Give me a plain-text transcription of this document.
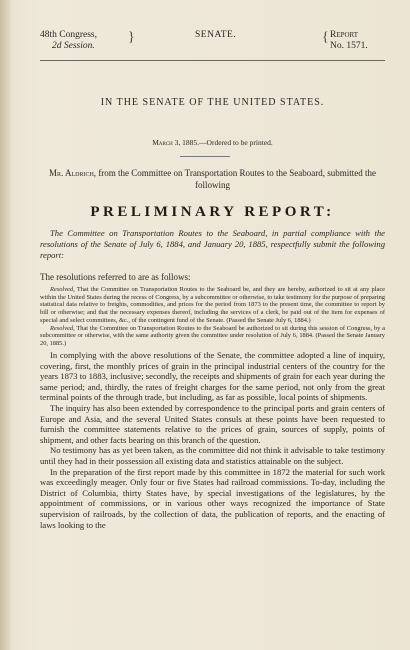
48th Congress,
2d Session.
}	SENATE.	{ Report
No. 1571.
IN THE SENATE OF THE UNITED STATES.
March 3, 1885.—Ordered to be printed.
Mr. Aldrich, from the Committee on Transportation Routes to the Seaboard, submitted the following
PRELIMINARY REPORT:
The Committee on Transportation Routes to the Seaboard, in partial compliance with the resolutions of the Senate of July 6, 1884, and January 20, 1885, respectfully submit the following report:
The resolutions referred to are as follows:

Resolved, That the Committee on Transportation Routes to the Seaboard be, and they are hereby, authorized to sit at any place within the United States during the recess of Congress, by a subcommittee or otherwise, to take testimony for the purpose of preparing statistical data relative to freights, commodities, and prices for the period from 1873 to the present time, the committee to report by bill or otherwise; and that the necessary expenses thereof, including the services of a clerk, be paid out of the item for expenses of special and select committees, &c., of the contingent fund of the Senate. (Passed the Senate July 6, 1884.)

Resolved, That the Committee on Transportation Routes to the Seaboard be authorized to sit during this session of Congress, by a subcommittee or otherwise, with the same authority given the committee under resolution of July 6, 1884. (Passed the Senate January 20, 1885.)

In complying with the above resolutions of the Senate, the committee adopted a line of inquiry, covering, first, the monthly prices of grain in the principal industrial centers of the country for the years 1873 to 1883, inclusive; secondly, the receipts and shipments of grain for each year during the same period; and, thirdly, the rates of freight charges for the same period, not only from the great terminal points of the through trade, but including, as far as possible, local points of shipments.

The inquiry has also been extended by correspondence to the principal ports and grain centers of Europe and Asia, and the several United States consuls at these points have been requested to furnish the committee statements relative to the prices of grain, sources of supply, points of shipment, and other facts bearing on this branch of the question.

No testimony has as yet been taken, as the committee did not think it advisable to take testimony until they had in their possession all existing data and statistics attainable on the subject.

In the preparation of the first report made by this committee in 1872 the material for such work was exceedingly meager. Only four or five States had railroad commissions. To-day, including the District of Columbia, thirty States have, by special investigations of the legislatures, by the appointment of commissions, or in various other ways recognized the importance of State supervision of railroads, by the collection of data, the publication of reports, and the enacting of laws looking to the
